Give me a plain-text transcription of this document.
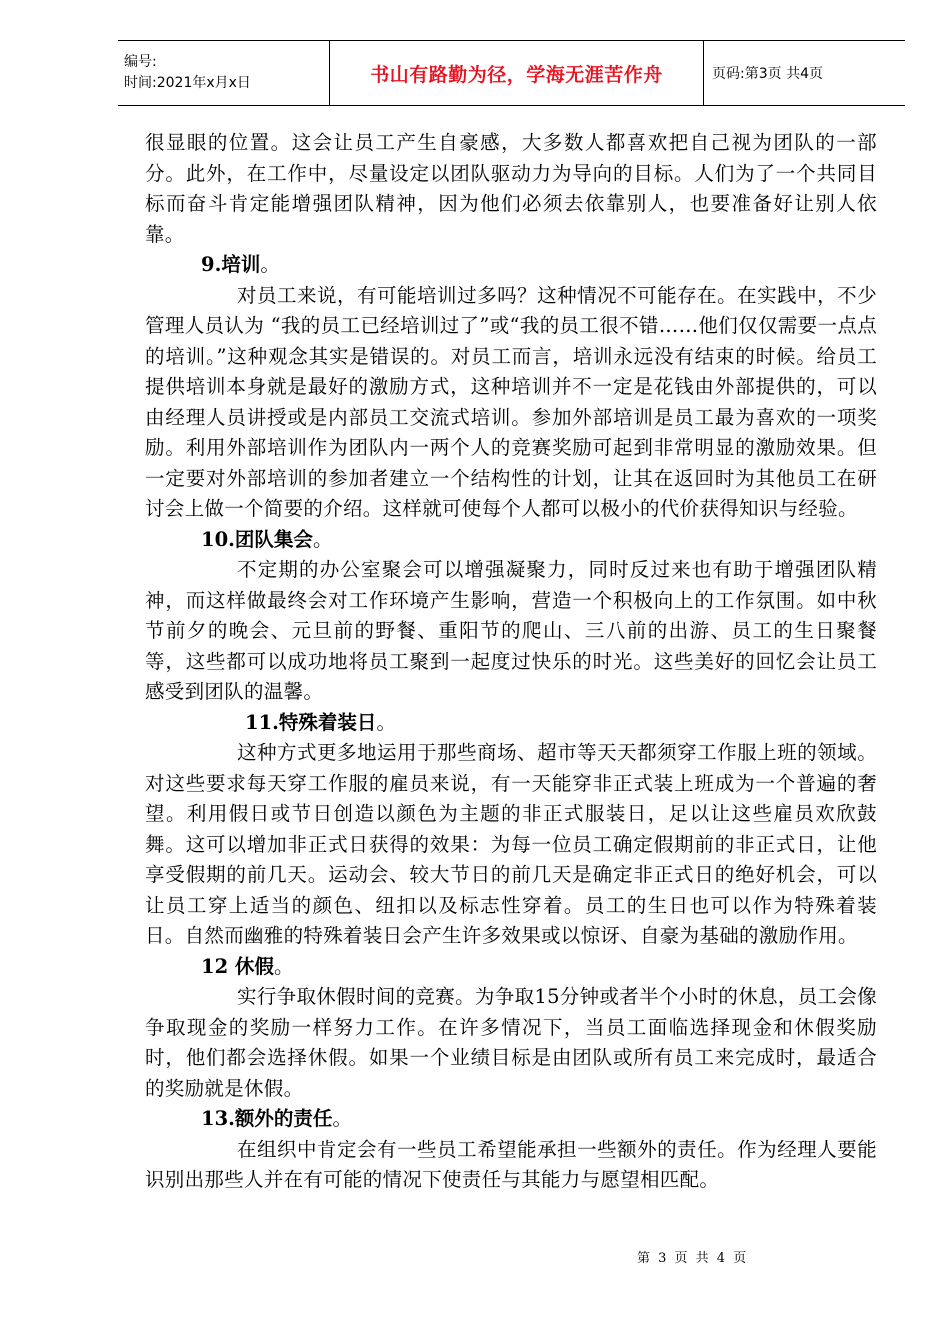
编号:
时间:2021年x月x日	书山有路勤为径，学海无涯苦作舟	页码:第3页 共4页

很显眼的位置。这会让员工产生自豪感，大多数人都喜欢把自己视为团队的一部分。此外，在工作中，尽量设定以团队驱动力为导向的目标。人们为了一个共同目标而奋斗肯定能增强团队精神，因为他们必须去依靠别人，也要准备好让别人依靠。

9.培训。

对员工来说，有可能培训过多吗？这种情况不可能存在。在实践中，不少管理人员认为 “我的员工已经培训过了”或“我的员工很不错……他们仅仅需要一点点的培训。”这种观念其实是错误的。对员工而言，培训永远没有结束的时候。给员工提供培训本身就是最好的激励方式，这种培训并不一定是花钱由外部提供的，可以由经理人员讲授或是内部员工交流式培训。参加外部培训是员工最为喜欢的一项奖励。利用外部培训作为团队内一两个人的竞赛奖励可起到非常明显的激励效果。但一定要对外部培训的参加者建立一个结构性的计划，让其在返回时为其他员工在研讨会上做一个简要的介绍。这样就可使每个人都可以极小的代价获得知识与经验。

10.团队集会。

不定期的办公室聚会可以增强凝聚力，同时反过来也有助于增强团队精神，而这样做最终会对工作环境产生影响，营造一个积极向上的工作氛围。如中秋节前夕的晚会、元旦前的野餐、重阳节的爬山、三八前的出游、员工的生日聚餐等，这些都可以成功地将员工聚到一起度过快乐的时光。这些美好的回忆会让员工感受到团队的温馨。

11.特殊着装日。

这种方式更多地运用于那些商场、超市等天天都须穿工作服上班的领域。对这些要求每天穿工作服的雇员来说，有一天能穿非正式装上班成为一个普遍的奢望。利用假日或节日创造以颜色为主题的非正式服装日，足以让这些雇员欢欣鼓舞。这可以增加非正式日获得的效果：为每一位员工确定假期前的非正式日，让他享受假期的前几天。运动会、较大节日的前几天是确定非正式日的绝好机会，可以让员工穿上适当的颜色、纽扣以及标志性穿着。员工的生日也可以作为特殊着装日。自然而幽雅的特殊着装日会产生许多效果或以惊讶、自豪为基础的激励作用。

12 休假。

实行争取休假时间的竞赛。为争取15分钟或者半个小时的休息，员工会像争取现金的奖励一样努力工作。在许多情况下，当员工面临选择现金和休假奖励时，他们都会选择休假。如果一个业绩目标是由团队或所有员工来完成时，最适合的奖励就是休假。

13.额外的责任。

在组织中肯定会有一些员工希望能承担一些额外的责任。作为经理人要能识别出那些人并在有可能的情况下使责任与其能力与愿望相匹配。

第 3 页 共 4 页
